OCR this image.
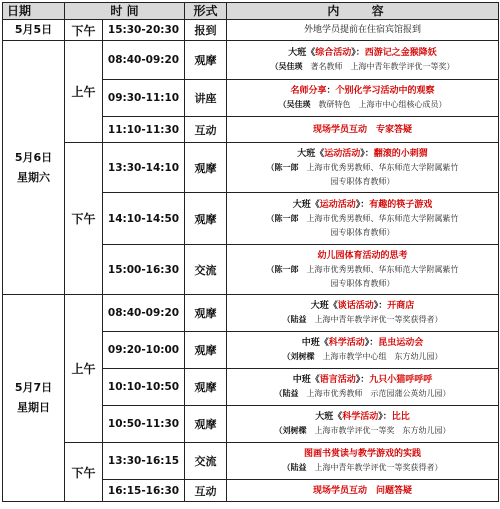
日期	时 间		形式	内 容

5月5日	下午	15:30-20:30	报到	外地学员提前在住宿宾馆报到

5月6日
星期六	上午	08:40-09:20	观摩	大班《综合活动》：西游记之金猴降妖
（吴佳瑛　 著名教师　上海中青年教学评优一等奖）

		09:30-11:10	讲座	名师分享：个别化学习活动中的观察
（吴佳瑛　 教研特色　上海市中心组核心成员）

		11:10-11:30	互动	现场学员互动　专家答疑

	下午	13:30-14:10	观摩	大班《运动活动》：翻滚的小刺猬
（陈一郎　 上海市优秀男教师、华东师范大学附属紫竹
园专职体育教师）

		14:10-14:50	观摩	大班《运动活动》：有趣的筷子游戏
（陈一郎　 上海市优秀男教师、华东师范大学附属紫竹
园专职体育教师）

		15:00-16:30	交流	幼儿园体育活动的思考
（陈一郎　 上海市优秀男教师、华东师范大学附属紫竹
园专职体育教师）

5月7日
星期日	上午	08:40-09:20	观摩	大班《谈话活动》：开商店
（陆益　 上海中青年教学评优一等奖获得者）

		09:20-10:00	观摩	中班《科学活动》：昆虫运动会
（刘树樑　 上海市教学中心组　东方幼儿园）

		10:10-10:50	观摩	中班《语言活动》：九只小猫呼呼呼
（陆益　 上海市优秀教师　示范园蒲公英幼儿园）

		10:50-11:30	观摩	大班《科学活动》：比比
（刘树樑　 上海市教学评优一等奖　东方幼儿园）

	下午	13:30-16:15	交流	图画书赏读与教学游戏的实践
（陆益　 上海中青年教学评优一等奖获得者）

		16:15-16:30	互动	现场学员互动　问题答疑
